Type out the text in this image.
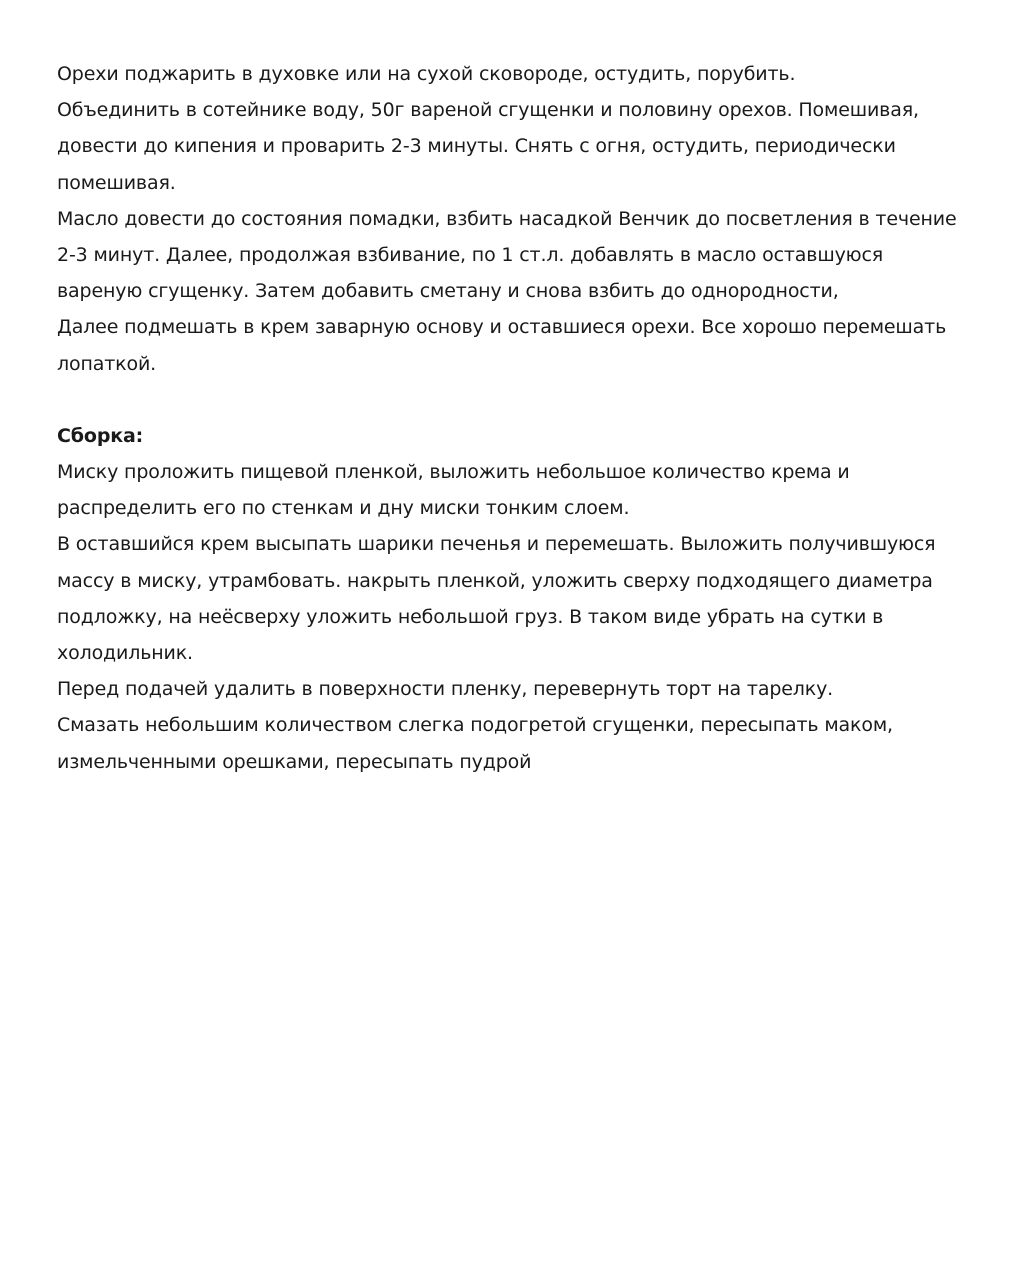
Орехи поджарить в духовке или на сухой сковороде, остудить, порубить.
Объединить в сотейнике воду, 50г вареной сгущенки и половину орехов. Помешивая,
довести до кипения и проварить 2-3 минуты. Снять с огня, остудить, периодически
помешивая.
Масло довести до состояния помадки, взбить насадкой Венчик до посветления в течение
2-3 минут. Далее, продолжая взбивание, по 1 ст.л. добавлять в масло оставшуюся
вареную сгущенку. Затем добавить сметану и снова взбить до однородности,
Далее подмешать в крем заварную основу и оставшиеся орехи. Все хорошо перемешать
лопаткой.
Сборка:
Миску проложить пищевой пленкой, выложить небольшое количество крема и
распределить его по стенкам и дну миски тонким слоем.
В оставшийся крем высыпать шарики печенья и перемешать. Выложить получившуюся
массу в миску, утрамбовать. накрыть пленкой, уложить сверху подходящего диаметра
подложку, на неёсверху уложить небольшой груз. В таком виде убрать на сутки в
холодильник.
Перед подачей удалить в поверхности пленку, перевернуть торт на тарелку.
Смазать небольшим количеством слегка подогретой сгущенки, пересыпать маком,
измельченными орешками, пересыпать пудрой
